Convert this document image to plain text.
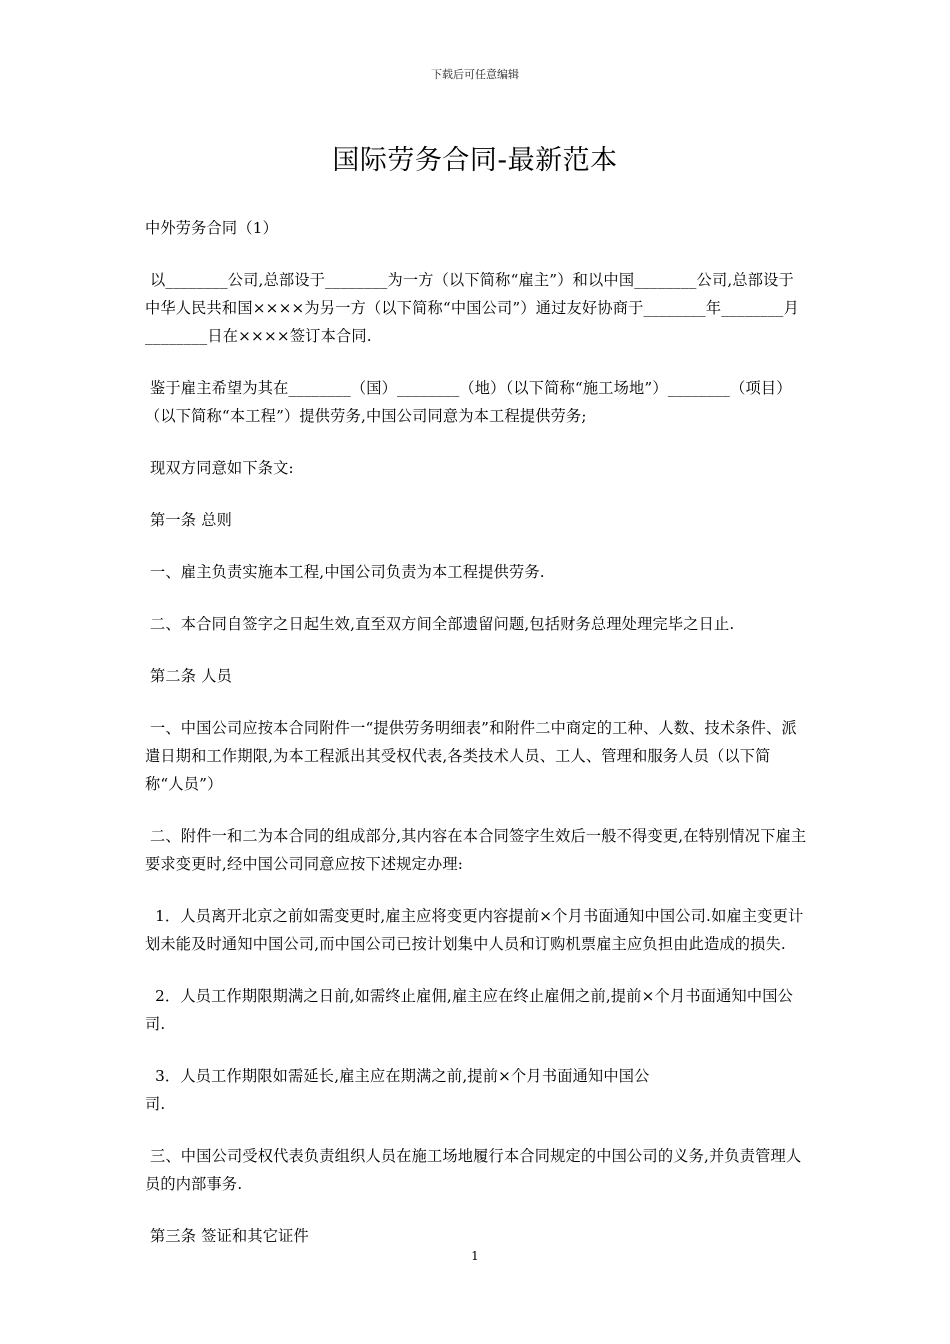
下载后可任意编辑
国际劳务合同-最新范本

中外劳务合同（1）

以________公司,总部设于________为一方（以下简称“雇主”）和以中国________公司,总部设于中华人民共和国××××为另一方（以下简称“中国公司”）通过友好协商于________年________月________日在××××签订本合同.

鉴于雇主希望为其在________（国）________（地）（以下简称“施工场地”）________（项目）（以下简称“本工程”）提供劳务,中国公司同意为本工程提供劳务;

现双方同意如下条文:

第一条 总则

一、雇主负责实施本工程,中国公司负责为本工程提供劳务.

二、本合同自签字之日起生效,直至双方间全部遗留问题,包括财务总理处理完毕之日止.

第二条 人员

一、中国公司应按本合同附件一“提供劳务明细表”和附件二中商定的工种、人数、技术条件、派遣日期和工作期限,为本工程派出其受权代表,各类技术人员、工人、管理和服务人员（以下简称“人员”）

二、附件一和二为本合同的组成部分,其内容在本合同签字生效后一般不得变更,在特别情况下雇主要求变更时,经中国公司同意应按下述规定办理:

1．人员离开北京之前如需变更时,雇主应将变更内容提前×个月书面通知中国公司.如雇主变更计划未能及时通知中国公司,而中国公司已按计划集中人员和订购机票雇主应负担由此造成的损失.

2．人员工作期限期满之日前,如需终止雇佣,雇主应在终止雇佣之前,提前×个月书面通知中国公司.

3．人员工作期限如需延长,雇主应在期满之前,提前×个月书面通知中国公
司.

三、中国公司受权代表负责组织人员在施工场地履行本合同规定的中国公司的义务,并负责管理人员的内部事务.

第三条 签证和其它证件

1
